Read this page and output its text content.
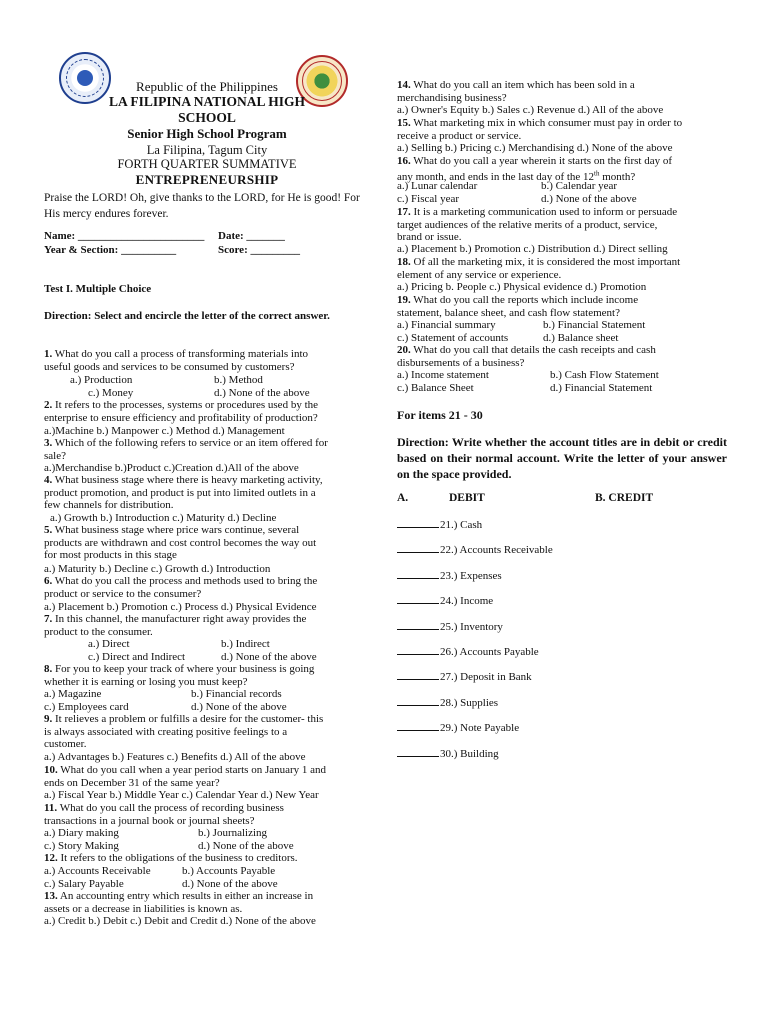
Republic of the Philippines
LA FILIPINA NATIONAL HIGH
SCHOOL
Senior High School Program
La Filipina, Tagum City
FORTH QUARTER SUMMATIVE
ENTREPRENEURSHIP
Praise the LORD! Oh, give thanks to the LORD, for He is good! For His mercy endures forever.
Name: _______________________ Date: _______
Year & Section: __________	Score: _________
Test I. Multiple Choice
Direction: Select and encircle the letter of the correct answer.
1. What do you call a process of transforming materials into
useful goods and services to be consumed by customers?
2. It refers to the processes, systems or procedures used by the
enterprise to ensure efficiency and profitability of production?
3. Which of the following refers to service or an item offered for
sale?
4. What business stage where there is heavy marketing activity,
product promotion, and product is put into limited outlets in a
few channels for distribution.
5. What business stage where price wars continue, several
products are withdrawn and cost control becomes the way out
for most products in this stage
6. What do you call the process and methods used to bring the
product or service to the consumer?
7. In this channel, the manufacturer right away provides the
product to the consumer.
8. For you to keep your track of where your business is going
whether it is earning or losing you must keep?
9. It relieves a problem or fulfills a desire for the customer- this
is always associated with creating positive feelings to a
customer.
10. What do you call when a year period starts on January 1 and
ends on December 31 of the same year?
11. What do you call the process of recording business
transactions in a journal book or journal sheets?
12. It refers to the obligations of the business to creditors.
13. An accounting entry which results in either an increase in
assets or a decrease in liabilities is known as.
14. What do you call an item which has been sold in a
merchandising business?
15. What marketing mix in which consumer must pay in order to
receive a product or service.
16. What do you call a year wherein it starts on the first day of
any month, and ends in the last day of the 12th month?
17. It is a marketing communication used to inform or persuade
target audiences of the relative merits of a product, service,
brand or issue.
18. Of all the marketing mix, it is considered the most important
element of any service or experience.
19. What do you call the reports which include income
statement, balance sheet, and cash flow statement?
20. What do you call that details the cash receipts and cash
disbursements of a business?
a.) Production	b.) Method
c.) Money	d.) None of the above
a.)Machine b.) Manpower c.) Method d.) Management
a.)Merchandise b.)Product c.)Creation d.)All of the above
a.) Growth b.) Introduction c.) Maturity d.) Decline
a.) Maturity b.) Decline c.) Growth d.) Introduction
a.) Placement b.) Promotion c.) Process d.) Physical Evidence
a.) Direct	b.) Indirect
c.) Direct and Indirect	d.) None of the above
a.) Magazine	b.) Financial records
c.) Employees card	d.) None of the above
a.) Advantages b.) Features c.) Benefits d.) All of the above
a.) Fiscal Year b.) Middle Year c.) Calendar Year d.) New Year
a.) Diary making	b.) Journalizing
c.) Story Making	d.) None of the above
a.) Accounts Receivable	b.) Accounts Payable
c.) Salary Payable	d.) None of the above
a.) Credit b.) Debit c.) Debit and Credit d.) None of the above
a.) Owner's Equity b.) Sales c.) Revenue d.) All of the above
a.) Selling b.) Pricing c.) Merchandising d.) None of the above
a.) Lunar calendar	b.) Calendar year
c.) Fiscal year	d.) None of the above
a.) Placement b.) Promotion c.) Distribution d.) Direct selling
a.) Pricing b. People c.) Physical evidence d.) Promotion
a.) Financial summary	b.) Financial Statement
c.) Statement of accounts	d.) Balance sheet
a.) Income statement	b.) Cash Flow Statement
c.) Balance Sheet	d.) Financial Statement
For items 21 - 30
Direction: Write whether the account titles are in debit or credit based on their normal account. Write the letter of your answer on the space provided.
A.	DEBIT	B. CREDIT
21.) Cash
22.) Accounts Receivable
23.) Expenses
24.) Income
25.) Inventory
26.) Accounts Payable
27.) Deposit in Bank
28.) Supplies
29.) Note Payable
30.) Building
